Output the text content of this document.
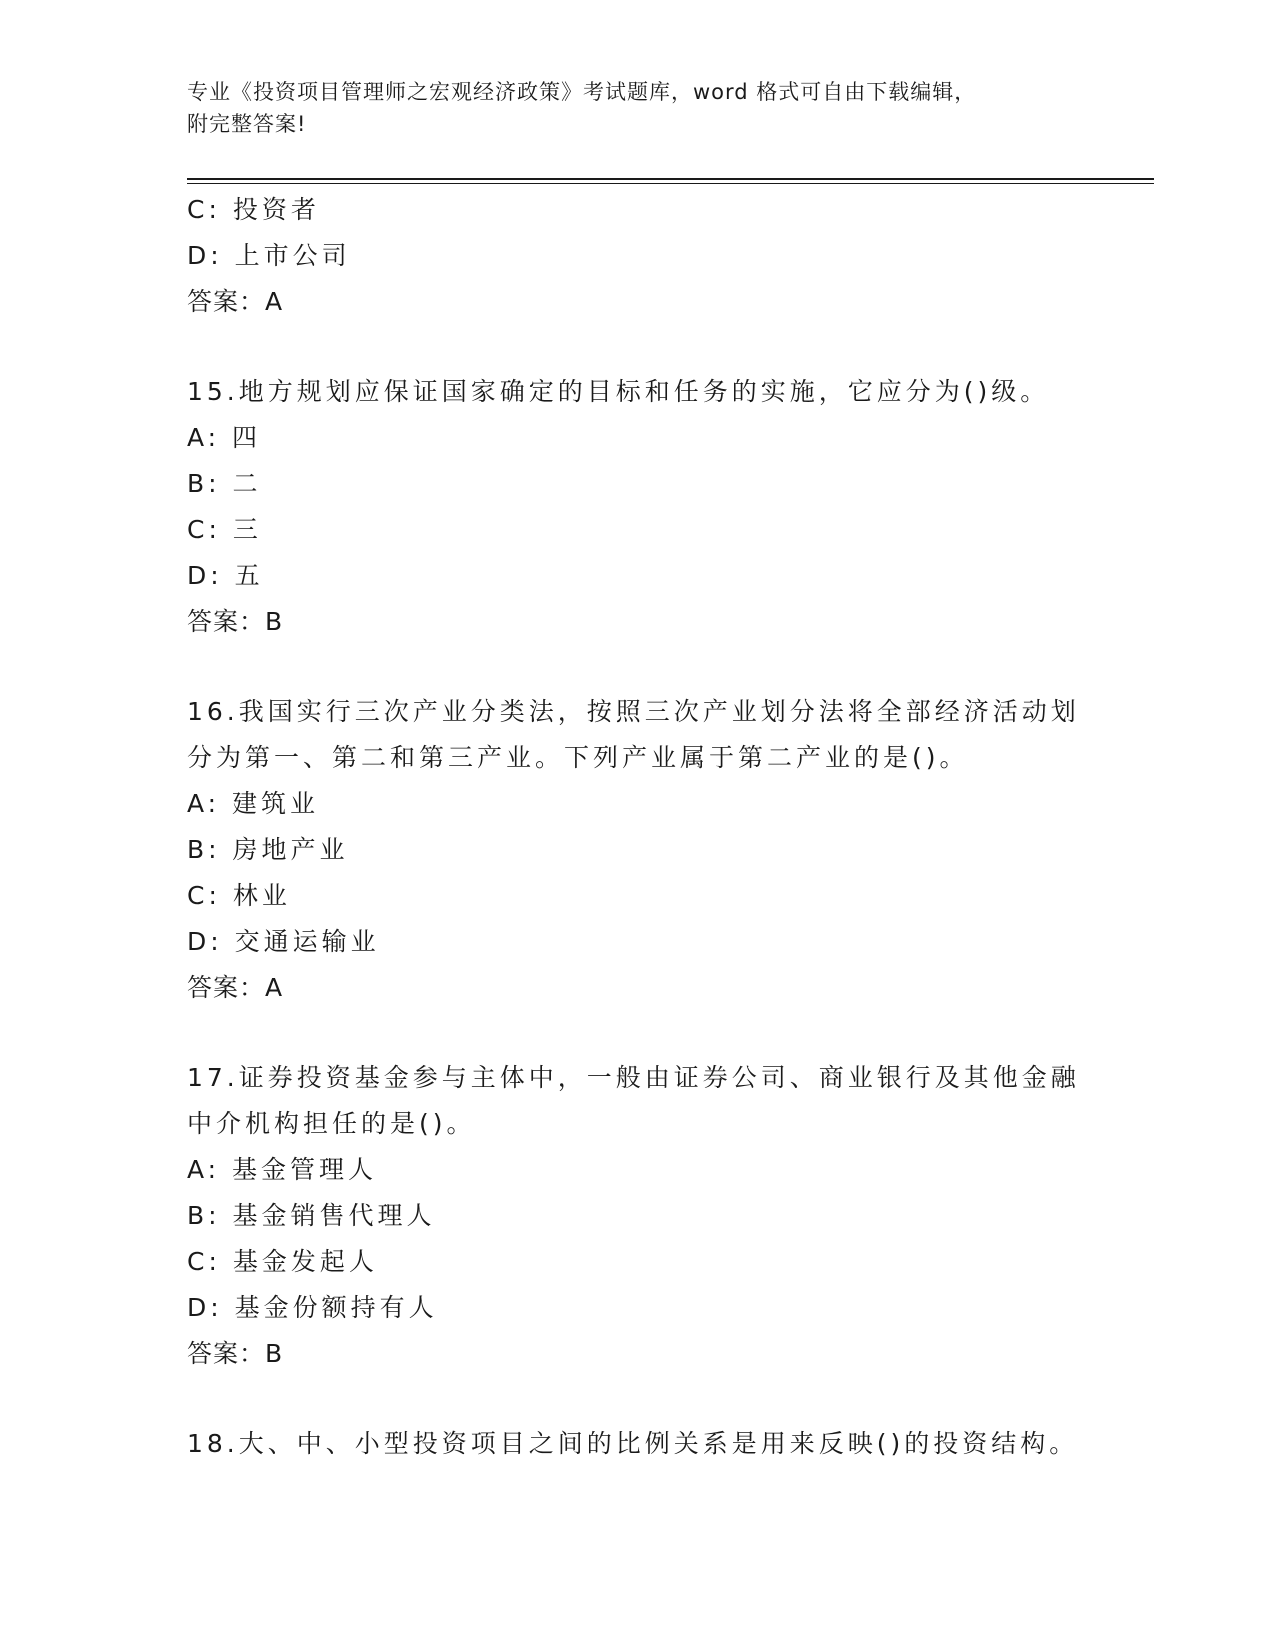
专业《投资项目管理师之宏观经济政策》考试题库，word 格式可自由下载编辑，
附完整答案!
C: 投资者
D: 上市公司
答案：A
15.地方规划应保证国家确定的目标和任务的实施，它应分为()级。
A: 四
B: 二
C: 三
D: 五
答案：B
16.我国实行三次产业分类法，按照三次产业划分法将全部经济活动划
分为第一、第二和第三产业。下列产业属于第二产业的是()。
A: 建筑业
B: 房地产业
C: 林业
D: 交通运输业
答案：A
17.证券投资基金参与主体中，一般由证券公司、商业银行及其他金融
中介机构担任的是()。
A: 基金管理人
B: 基金销售代理人
C: 基金发起人
D: 基金份额持有人
答案：B
18.大、中、小型投资项目之间的比例关系是用来反映()的投资结构。
